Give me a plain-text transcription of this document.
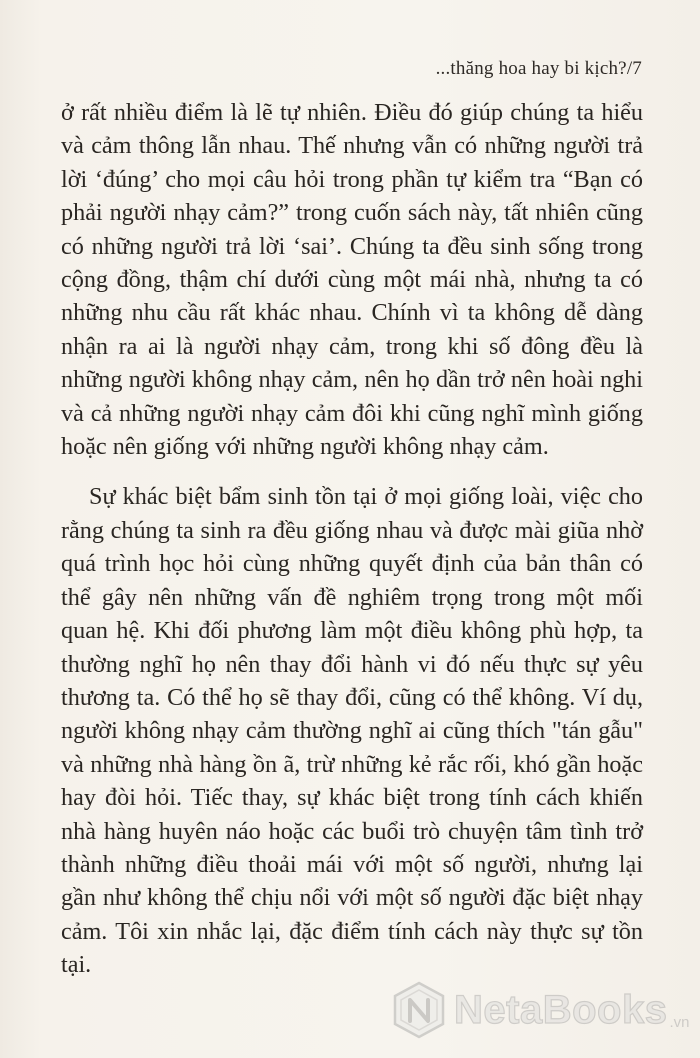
...thăng hoa hay bi kịch?/7

ở rất nhiều điểm là lẽ tự nhiên. Điều đó giúp chúng ta hiểu và cảm thông lẫn nhau. Thế nhưng vẫn có những người trả lời ‘đúng’ cho mọi câu hỏi trong phần tự kiểm tra “Bạn có phải người nhạy cảm?” trong cuốn sách này, tất nhiên cũng có những người trả lời ‘sai’. Chúng ta đều sinh sống trong cộng đồng, thậm chí dưới cùng một mái nhà, nhưng ta có những nhu cầu rất khác nhau. Chính vì ta không dễ dàng nhận ra ai là người nhạy cảm, trong khi số đông đều là những người không nhạy cảm, nên họ dần trở nên hoài nghi và cả những người nhạy cảm đôi khi cũng nghĩ mình giống hoặc nên giống với những người không nhạy cảm.

Sự khác biệt bẩm sinh tồn tại ở mọi giống loài, việc cho rằng chúng ta sinh ra đều giống nhau và được mài giũa nhờ quá trình học hỏi cùng những quyết định của bản thân có thể gây nên những vấn đề nghiêm trọng trong một mối quan hệ. Khi đối phương làm một điều không phù hợp, ta thường nghĩ họ nên thay đổi hành vi đó nếu thực sự yêu thương ta. Có thể họ sẽ thay đổi, cũng có thể không. Ví dụ, người không nhạy cảm thường nghĩ ai cũng thích "tán gẫu" và những nhà hàng ồn ã, trừ những kẻ rắc rối, khó gần hoặc hay đòi hỏi. Tiếc thay, sự khác biệt trong tính cách khiến nhà hàng huyên náo hoặc các buổi trò chuyện tâm tình trở thành những điều thoải mái với một số người, nhưng lại gần như không thể chịu nổi với một số người đặc biệt nhạy cảm. Tôi xin nhắc lại, đặc điểm tính cách này thực sự tồn tại.

NetaBooks .vn
